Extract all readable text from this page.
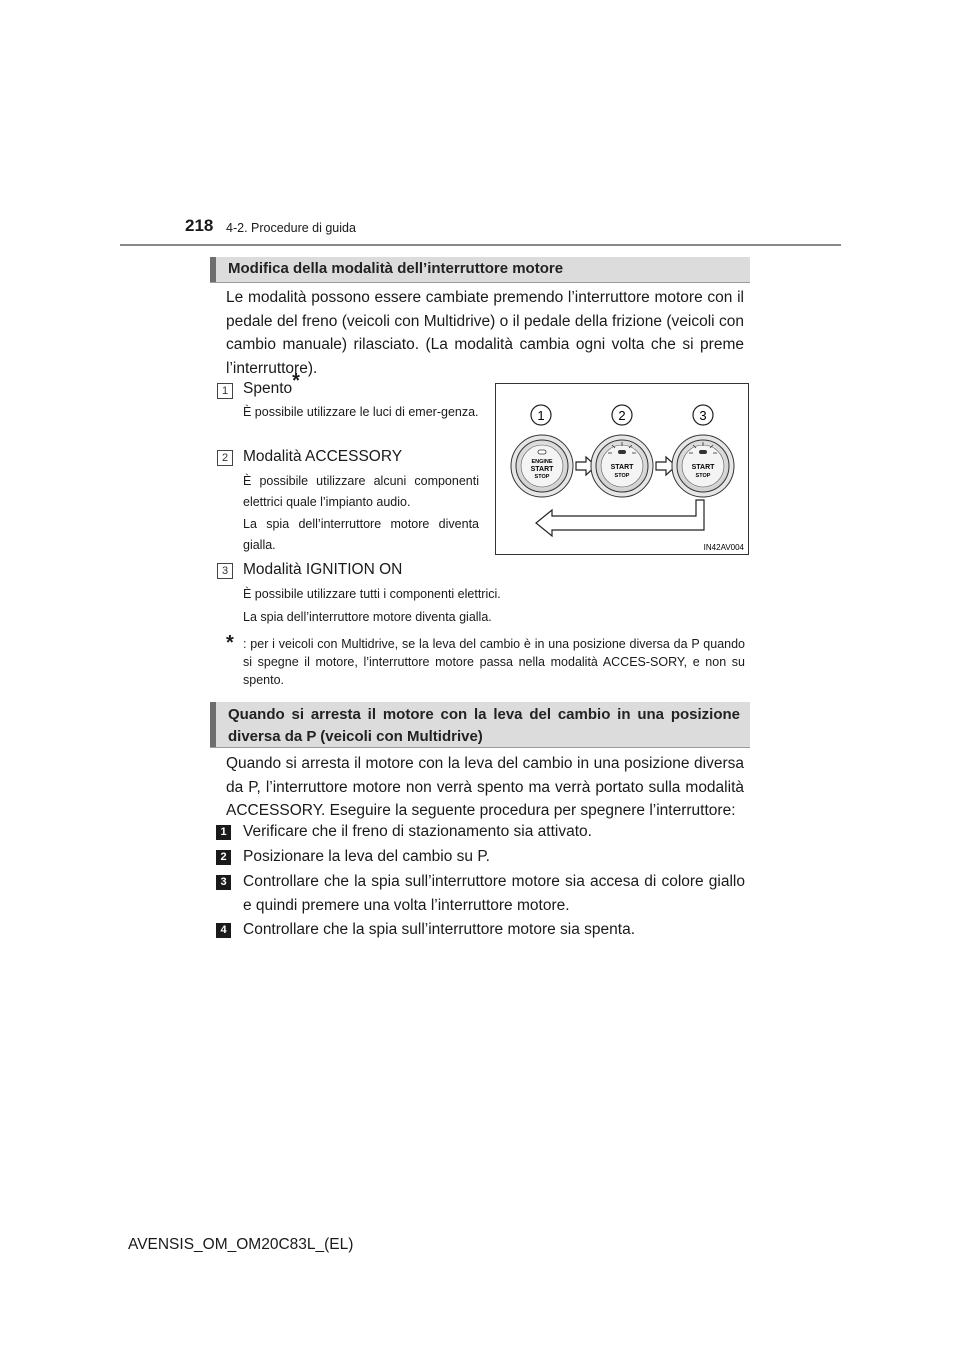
218 4-2. Procedure di guida
Modifica della modalità dell’interruttore motore
Le modalità possono essere cambiate premendo l’interruttore motore con il pedale del freno (veicoli con Multidrive) o il pedale della frizione (veicoli con cambio manuale) rilasciato. (La modalità cambia ogni volta che si preme l’interruttore).
1 Spento*
È possibile utilizzare le luci di emer-genza.
2 Modalità ACCESSORY
È possibile utilizzare alcuni componenti elettrici quale l’impianto audio.
La spia dell’interruttore motore diventa gialla.
3 Modalità IGNITION ON
È possibile utilizzare tutti i componenti elettrici.
La spia dell’interruttore motore diventa gialla.
* : per i veicoli con Multidrive, se la leva del cambio è in una posizione diversa da P quando si spegne il motore, l’interruttore motore passa nella modalità ACCES-SORY, e non su spento.
1	2	3
ENGINE
START
STOP
START
STOP
START
STOP
IN42AV004
Quando si arresta il motore con la leva del cambio in una posizione diversa da P (veicoli con Multidrive)
Quando si arresta il motore con la leva del cambio in una posizione diversa da P, l’interruttore motore non verrà spento ma verrà portato sulla modalità ACCESSORY. Eseguire la seguente procedura per spegnere l’interruttore:
1 Verificare che il freno di stazionamento sia attivato.
2 Posizionare la leva del cambio su P.
3 Controllare che la spia sull’interruttore motore sia accesa di colore giallo e quindi premere una volta l’interruttore motore.
4 Controllare che la spia sull’interruttore motore sia spenta.
AVENSIS_OM_OM20C83L_(EL)
